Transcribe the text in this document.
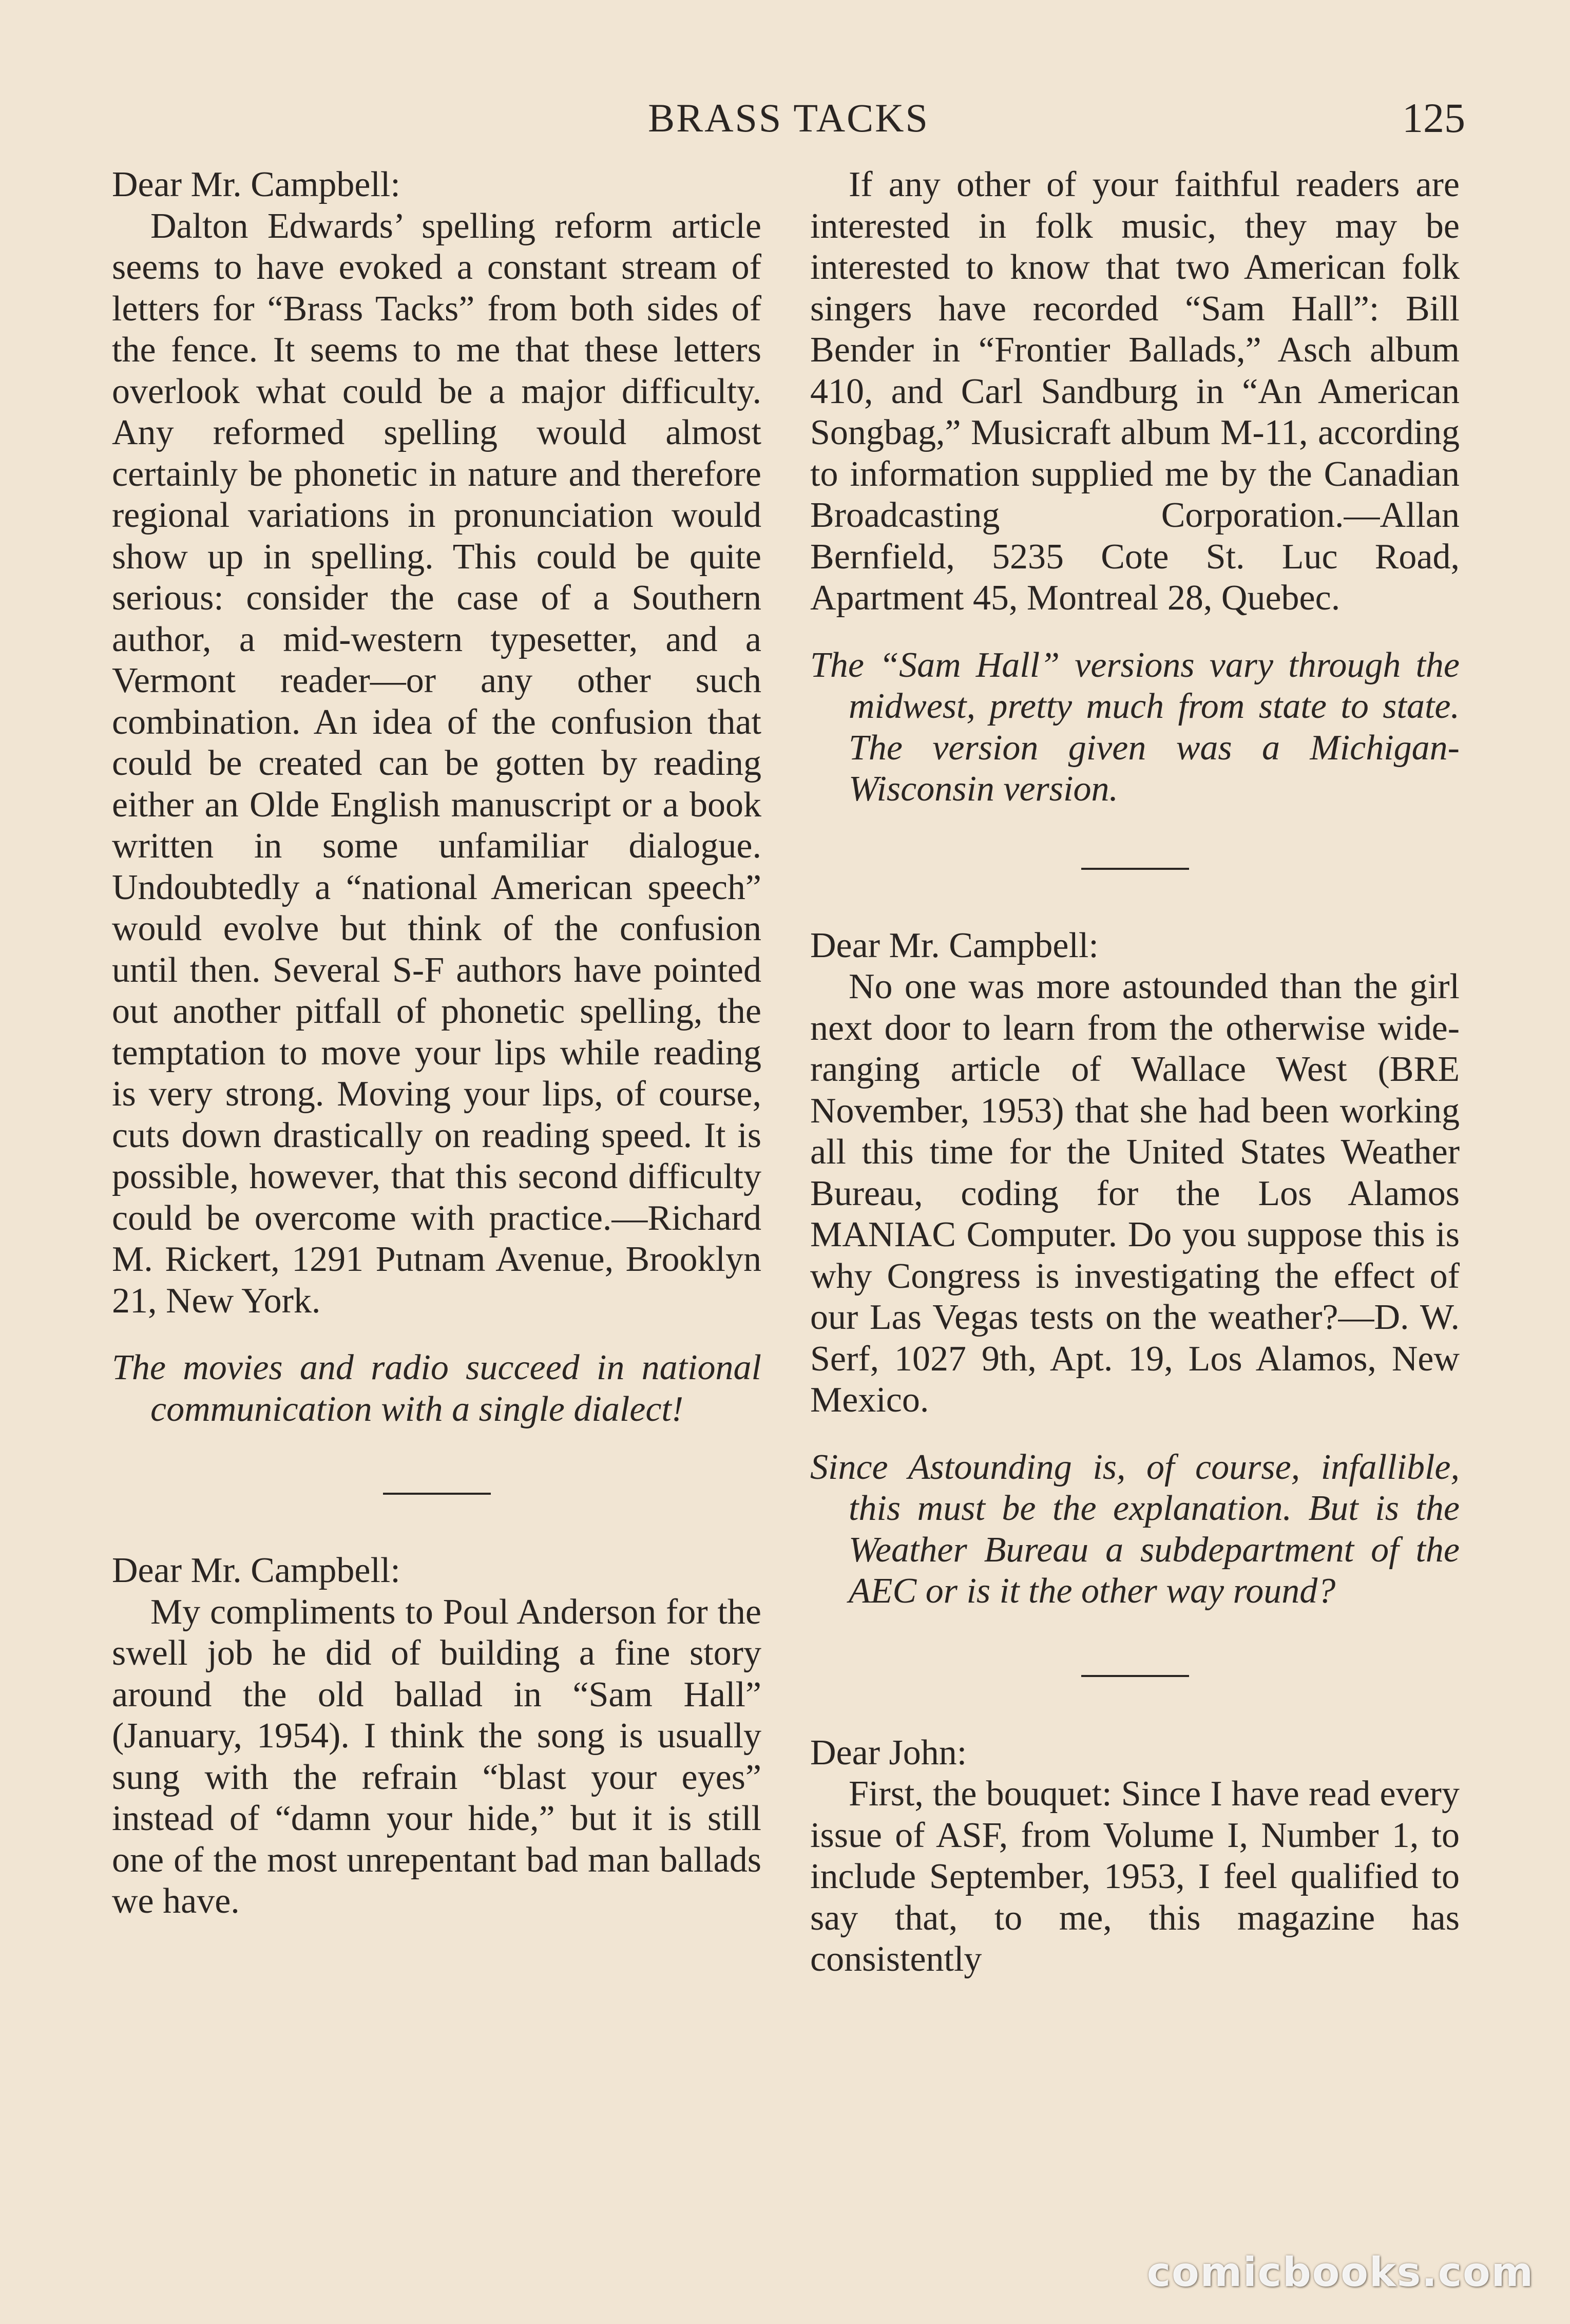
BRASS TACKS	125

Dear Mr. Campbell:

Dalton Edwards’ spelling reform article seems to have evoked a constant stream of letters for “Brass Tacks” from both sides of the fence. It seems to me that these letters overlook what could be a major difficulty. Any reformed spelling would almost certainly be phonetic in nature and therefore regional variations in pronunciation would show up in spelling. This could be quite serious: consider the case of a Southern author, a mid-western typesetter, and a Vermont reader—or any other such combination. An idea of the confusion that could be created can be gotten by reading either an Olde English manuscript or a book written in some unfamiliar dialogue. Undoubtedly a “national American speech” would evolve but think of the confusion until then. Several S-F authors have pointed out another pitfall of phonetic spelling, the temptation to move your lips while reading is very strong. Moving your lips, of course, cuts down drastically on reading speed. It is possible, however, that this second difficulty could be overcome with practice.—Richard M. Rickert, 1291 Putnam Avenue, Brooklyn 21, New York.

The movies and radio succeed in national communication with a single dialect!

Dear Mr. Campbell:

My compliments to Poul Anderson for the swell job he did of building a fine story around the old ballad in “Sam Hall” (January, 1954). I think the song is usually sung with the refrain “blast your eyes” instead of “damn your hide,” but it is still one of the most unrepentant bad man ballads we have.

If any other of your faithful readers are interested in folk music, they may be interested to know that two American folk singers have recorded “Sam Hall”: Bill Bender in “Frontier Ballads,” Asch album 410, and Carl Sandburg in “An American Songbag,” Musicraft album M-11, according to information supplied me by the Canadian Broadcasting Corporation.—Allan Bernfield, 5235 Cote St. Luc Road, Apartment 45, Montreal 28, Quebec.

The “Sam Hall” versions vary through the midwest, pretty much from state to state. The version given was a Michigan-Wisconsin version.

Dear Mr. Campbell:

No one was more astounded than the girl next door to learn from the otherwise wide-ranging article of Wallace West (BRE November, 1953) that she had been working all this time for the United States Weather Bureau, coding for the Los Alamos MANIAC Computer. Do you suppose this is why Congress is investigating the effect of our Las Vegas tests on the weather?—D. W. Serf, 1027 9th, Apt. 19, Los Alamos, New Mexico.

Since Astounding is, of course, infallible, this must be the explanation. But is the Weather Bureau a subdepartment of the AEC or is it the other way round?

Dear John:

First, the bouquet: Since I have read every issue of ASF, from Volume I, Number 1, to include September, 1953, I feel qualified to say that, to me, this magazine has consistently

comicbooks.com
